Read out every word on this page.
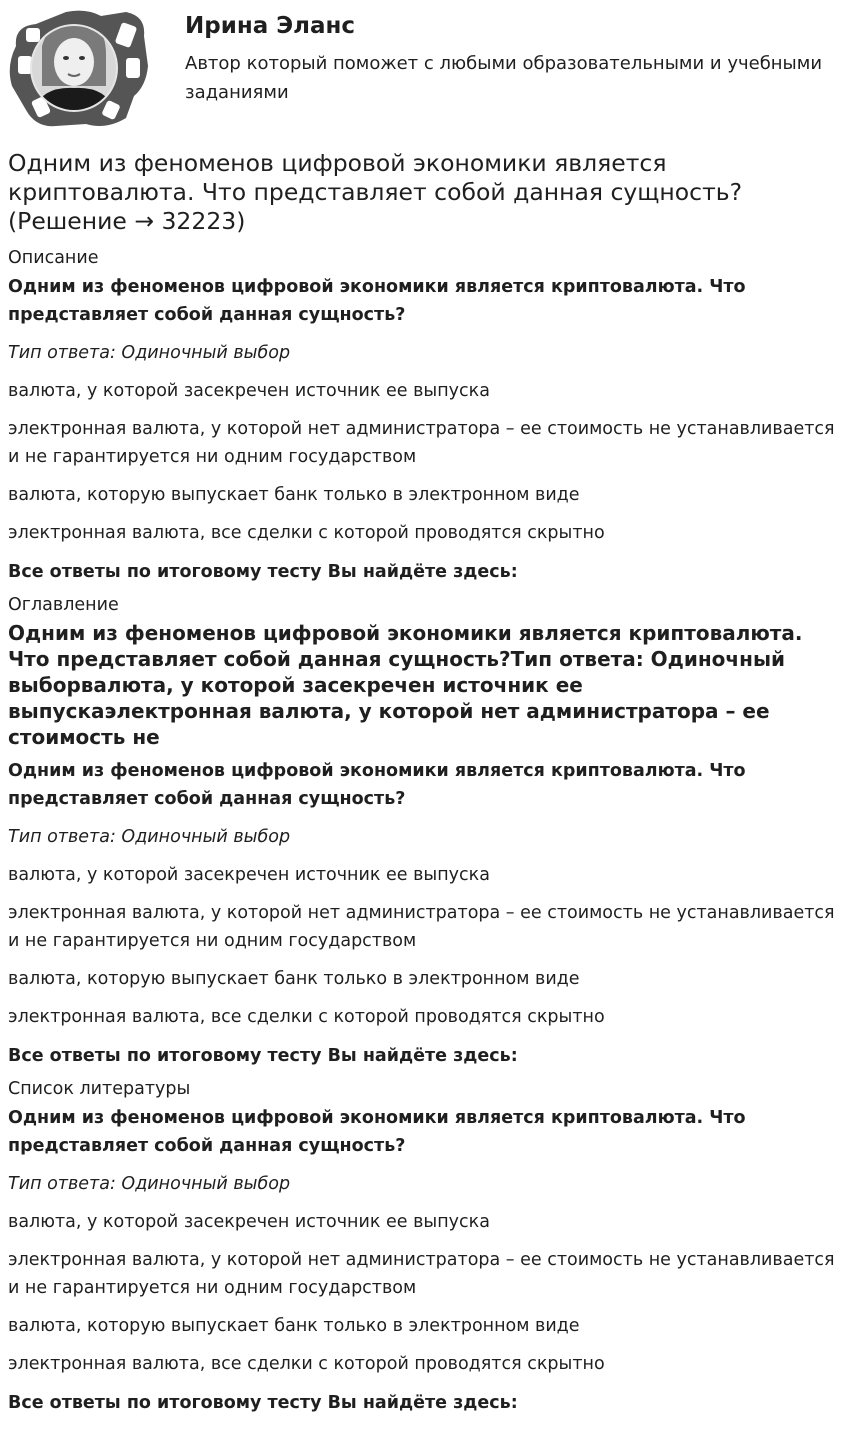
Ирина Эланс
Автор который поможет с любыми образовательными и учебными заданиями
Одним из феноменов цифровой экономики является криптовалюта. Что представляет собой данная сущность? (Решение → 32223)
Описание

Одним из феноменов цифровой экономики является криптовалюта. Что представляет собой данная сущность?

Тип ответа: Одиночный выбор

валюта, у которой засекречен источник ее выпуска

электронная валюта, у которой нет администратора – ее стоимость не устанавливается и не гарантируется ни одним государством

валюта, которую выпускает банк только в электронном виде

электронная валюта, все сделки с которой проводятся скрытно

Все ответы по итоговому тесту Вы найдёте здесь:

Оглавление
Одним из феноменов цифровой экономики является криптовалюта. Что представляет собой данная сущность?Тип ответа: Одиночный выборвалюта, у которой засекречен источник ее выпускаэлектронная валюта, у которой нет администратора – ее стоимость не

Одним из феноменов цифровой экономики является криптовалюта. Что представляет собой данная сущность?

Тип ответа: Одиночный выбор

валюта, у которой засекречен источник ее выпуска

электронная валюта, у которой нет администратора – ее стоимость не устанавливается и не гарантируется ни одним государством

валюта, которую выпускает банк только в электронном виде

электронная валюта, все сделки с которой проводятся скрытно

Все ответы по итоговому тесту Вы найдёте здесь:

Список литературы

Одним из феноменов цифровой экономики является криптовалюта. Что представляет собой данная сущность?

Тип ответа: Одиночный выбор

валюта, у которой засекречен источник ее выпуска

электронная валюта, у которой нет администратора – ее стоимость не устанавливается и не гарантируется ни одним государством

валюта, которую выпускает банк только в электронном виде

электронная валюта, все сделки с которой проводятся скрытно

Все ответы по итоговому тесту Вы найдёте здесь:
